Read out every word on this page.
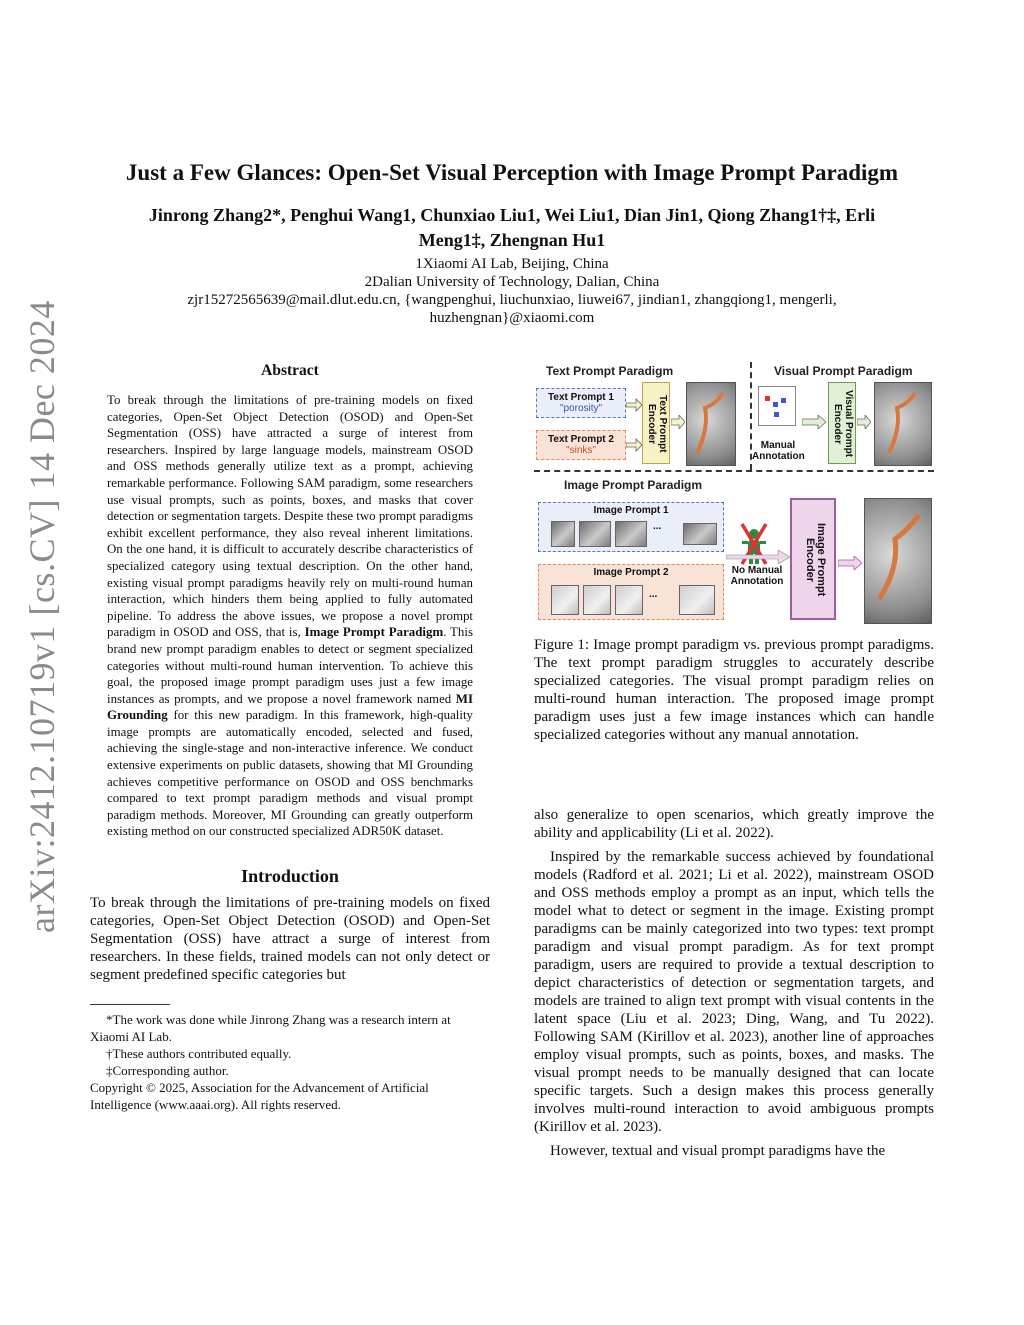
arXiv:2412.10719v1 [cs.CV] 14 Dec 2024
Just a Few Glances: Open-Set Visual Perception with Image Prompt Paradigm
Jinrong Zhang2*, Penghui Wang1, Chunxiao Liu1, Wei Liu1, Dian Jin1, Qiong Zhang1†‡, Erli
Meng1‡, Zhengnan Hu1
1Xiaomi AI Lab, Beijing, China
2Dalian University of Technology, Dalian, China
zjr15272565639@mail.dlut.edu.cn, {wangpenghui, liuchunxiao, liuwei67, jindian1, zhangqiong1, mengerli,
huzhengnan}@xiaomi.com

Abstract

To break through the limitations of pre-training models on fixed categories, Open-Set Object Detection (OSOD) and Open-Set Segmentation (OSS) have attracted a surge of interest from researchers. Inspired by large language models, mainstream OSOD and OSS methods generally utilize text as a prompt, achieving remarkable performance. Following SAM paradigm, some researchers use visual prompts, such as points, boxes, and masks that cover detection or segmentation targets. Despite these two prompt paradigms exhibit excellent performance, they also reveal inherent limitations. On the one hand, it is difficult to accurately describe characteristics of specialized category using textual description. On the other hand, existing visual prompt paradigms heavily rely on multi-round human interaction, which hinders them being applied to fully automated pipeline. To address the above issues, we propose a novel prompt paradigm in OSOD and OSS, that is, Image Prompt Paradigm. This brand new prompt paradigm enables to detect or segment specialized categories without multi-round human intervention. To achieve this goal, the proposed image prompt paradigm uses just a few image instances as prompts, and we propose a novel framework named MI Grounding for this new paradigm. In this framework, high-quality image prompts are automatically encoded, selected and fused, achieving the single-stage and non-interactive inference. We conduct extensive experiments on public datasets, showing that MI Grounding achieves competitive performance on OSOD and OSS benchmarks compared to text prompt paradigm methods and visual prompt paradigm methods. Moreover, MI Grounding can greatly outperform existing method on our constructed specialized ADR50K dataset.

Introduction

To break through the limitations of pre-training models on fixed categories, Open-Set Object Detection (OSOD) and Open-Set Segmentation (OSS) have attract a surge of interest from researchers. In these fields, trained models can not only detect or segment predefined specific categories but

*The work was done while Jinrong Zhang was a research intern at Xiaomi AI Lab.
†These authors contributed equally.
‡Corresponding author.
Copyright © 2025, Association for the Advancement of Artificial Intelligence (www.aaai.org). All rights reserved.
Text Prompt Paradigm	Visual Prompt Paradigm
Text Prompt 1
"porosity"
Text Prompt 2
"sinks"	Text Prompt Encoder
Manual Annotation	Visual Prompt Encoder
Image Prompt Paradigm
Image Prompt 1
...
Image Prompt 2
...
No Manual Annotation	Image Prompt Encoder
Figure 1: Image prompt paradigm vs. previous prompt paradigms. The text prompt paradigm struggles to accurately describe specialized categories. The visual prompt paradigm relies on multi-round human interaction. The proposed image prompt paradigm uses just a few image instances which can handle specialized categories without any manual annotation.

also generalize to open scenarios, which greatly improve the ability and applicability (Li et al. 2022).

Inspired by the remarkable success achieved by foundational models (Radford et al. 2021; Li et al. 2022), mainstream OSOD and OSS methods employ a prompt as an input, which tells the model what to detect or segment in the image. Existing prompt paradigms can be mainly categorized into two types: text prompt paradigm and visual prompt paradigm. As for text prompt paradigm, users are required to provide a textual description to depict characteristics of detection or segmentation targets, and models are trained to align text prompt with visual contents in the latent space (Liu et al. 2023; Ding, Wang, and Tu 2022). Following SAM (Kirillov et al. 2023), another line of approaches employ visual prompts, such as points, boxes, and masks. The visual prompt needs to be manually designed that can locate specific targets. Such a design makes this process generally involves multi-round interaction to avoid ambiguous prompts (Kirillov et al. 2023).

However, textual and visual prompt paradigms have the
